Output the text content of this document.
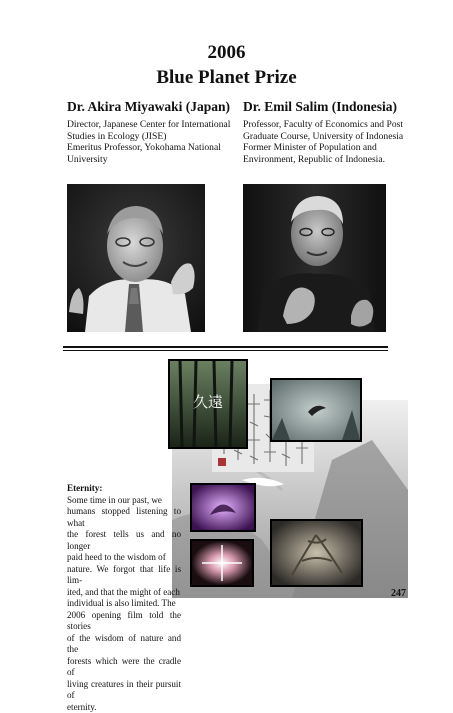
2006
Blue Planet Prize
Dr. Akira Miyawaki (Japan)
Director, Japanese Center for International
Studies in Ecology (JISE)
Emeritus Professor, Yokohama National
University
Dr. Emil Salim (Indonesia)
Professor, Faculty of Economics and Post
Graduate Course, University of Indonesia
Former Minister of Population and
Environment, Republic of Indonesia.
久遠
Eternity:
Some time in our past, we
humans stopped listening to what
the forest tells us and no longer
paid heed to the wisdom of
nature. We forgot that life is lim-
ited, and that the might of each
individual is also limited. The
2006 opening film told the stories
of the wisdom of nature and the
forests which were the cradle of
living creatures in their pursuit of
eternity.
247
